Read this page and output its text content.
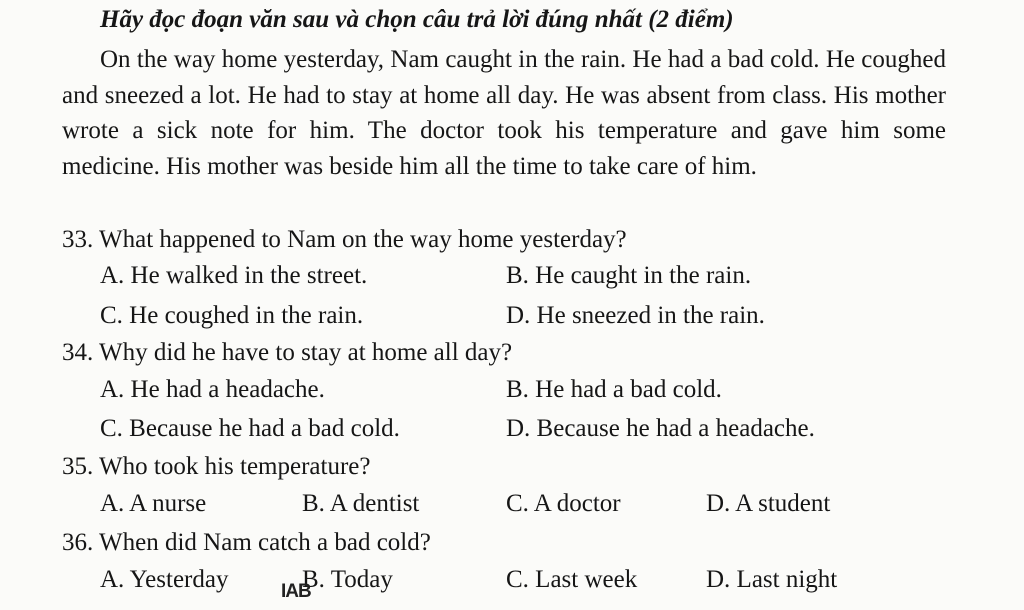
Hãy đọc đoạn văn sau và chọn câu trả lời đúng nhất (2 điểm)

On the way home yesterday, Nam caught in the rain. He had a bad cold. He coughed and sneezed a lot. He had to stay at home all day. He was absent from class. His mother wrote a sick note for him. The doctor took his temperature and gave him some medicine. His mother was beside him all the time to take care of him.

33. What happened to Nam on the way home yesterday?
A. He walked in the street.	B. He caught in the rain.
C. He coughed in the rain.	D. He sneezed in the rain.
34. Why did he have to stay at home all day?
A. He had a headache.	B. He had a bad cold.
C. Because he had a bad cold.	D. Because he had a headache.
35. Who took his temperature?
A. A nurse	B. A dentist	C. A doctor	D. A student
36. When did Nam catch a bad cold?
A. Yesterday	B. Today	C. Last week	D. Last night
IAB
